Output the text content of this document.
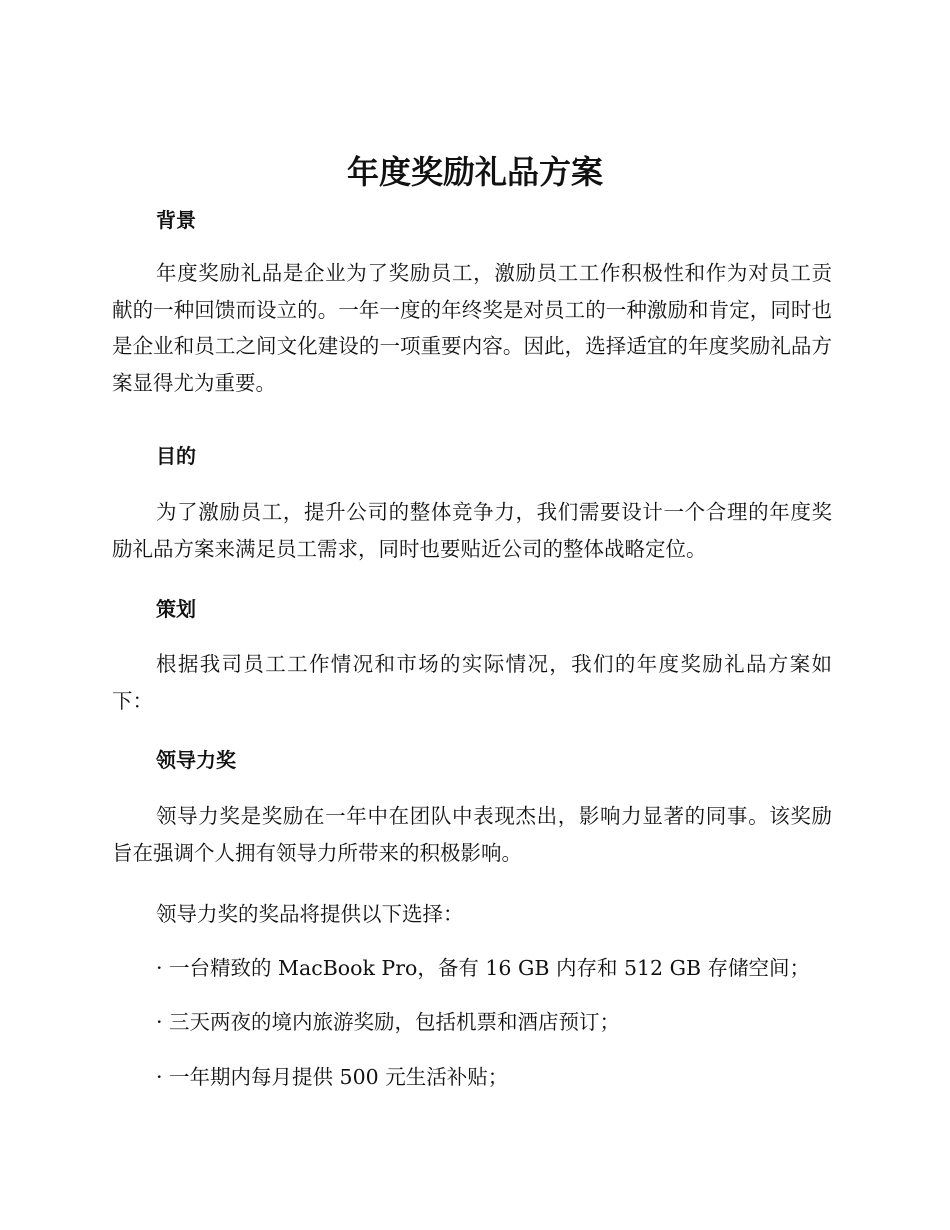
年度奖励礼品方案
背景

年度奖励礼品是企业为了奖励员工，激励员工工作积极性和作为对员工贡献的一种回馈而设立的。一年一度的年终奖是对员工的一种激励和肯定，同时也是企业和员工之间文化建设的一项重要内容。因此，选择适宜的年度奖励礼品方案显得尤为重要。

目的

为了激励员工，提升公司的整体竞争力，我们需要设计一个合理的年度奖励礼品方案来满足员工需求，同时也要贴近公司的整体战略定位。

策划

根据我司员工工作情况和市场的实际情况，我们的年度奖励礼品方案如下：

领导力奖

领导力奖是奖励在一年中在团队中表现杰出，影响力显著的同事。该奖励旨在强调个人拥有领导力所带来的积极影响。

领导力奖的奖品将提供以下选择：

· 一台精致的 MacBook Pro，备有 16 GB 内存和 512 GB 存储空间；

· 三天两夜的境内旅游奖励，包括机票和酒店预订；

· 一年期内每月提供 500 元生活补贴；
